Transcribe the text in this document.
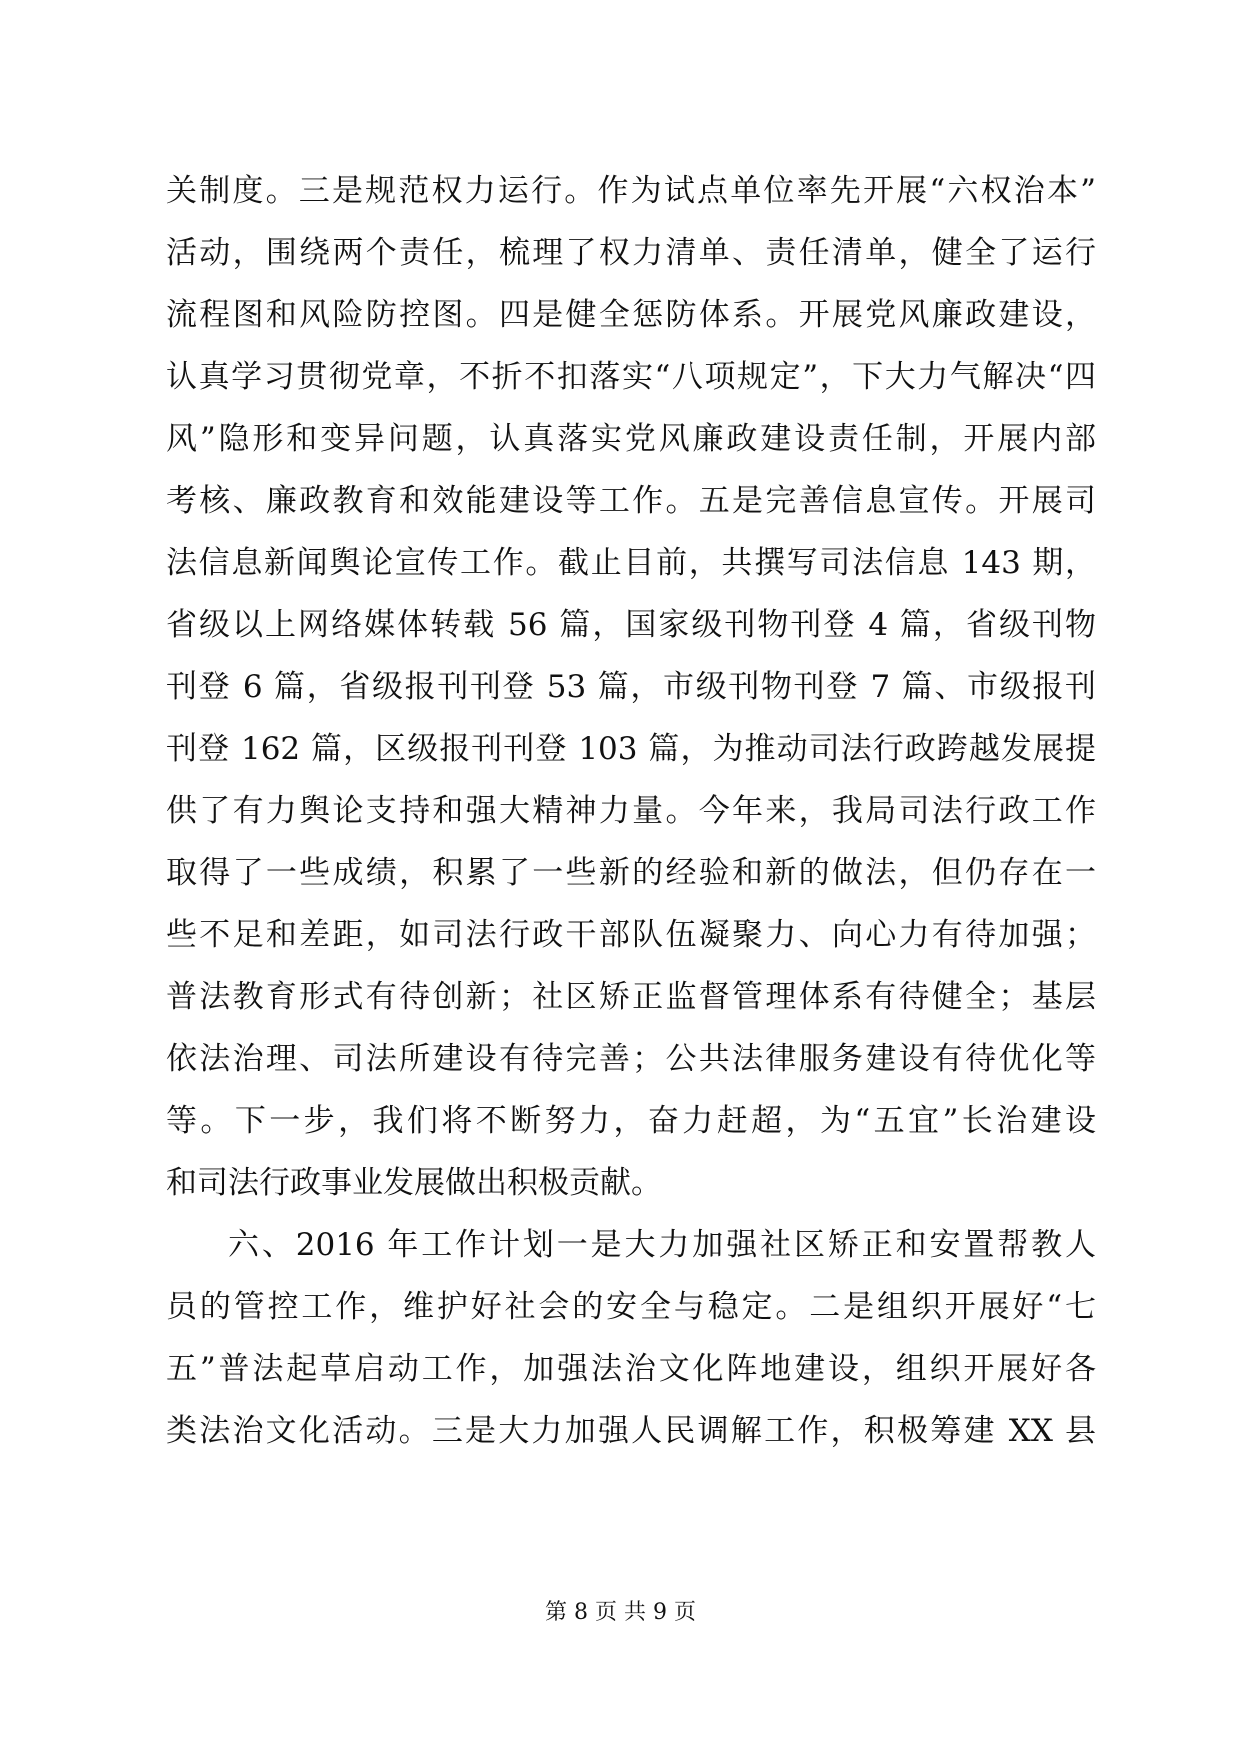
关制度。三是规范权力运行。作为试点单位率先开展“六权治本”
活动，围绕两个责任，梳理了权力清单、责任清单，健全了运行
流程图和风险防控图。四是健全惩防体系。开展党风廉政建设，
认真学习贯彻党章，不折不扣落实“八项规定”，下大力气解决“四
风”隐形和变异问题，认真落实党风廉政建设责任制，开展内部
考核、廉政教育和效能建设等工作。五是完善信息宣传。开展司
法信息新闻舆论宣传工作。截止目前，共撰写司法信息 143 期，
省级以上网络媒体转载 56 篇，国家级刊物刊登 4 篇，省级刊物
刊登 6 篇，省级报刊刊登 53 篇，市级刊物刊登 7 篇、市级报刊
刊登 162 篇，区级报刊刊登 103 篇，为推动司法行政跨越发展提
供了有力舆论支持和强大精神力量。今年来，我局司法行政工作
取得了一些成绩，积累了一些新的经验和新的做法，但仍存在一
些不足和差距，如司法行政干部队伍凝聚力、向心力有待加强；
普法教育形式有待创新；社区矫正监督管理体系有待健全；基层
依法治理、司法所建设有待完善；公共法律服务建设有待优化等
等。下一步，我们将不断努力，奋力赶超，为“五宜”长治建设
和司法行政事业发展做出积极贡献。
六、2016 年工作计划一是大力加强社区矫正和安置帮教人
员的管控工作，维护好社会的安全与稳定。二是组织开展好“七
五”普法起草启动工作，加强法治文化阵地建设，组织开展好各
类法治文化活动。三是大力加强人民调解工作，积极筹建 XX 县
第 8 页 共 9 页
